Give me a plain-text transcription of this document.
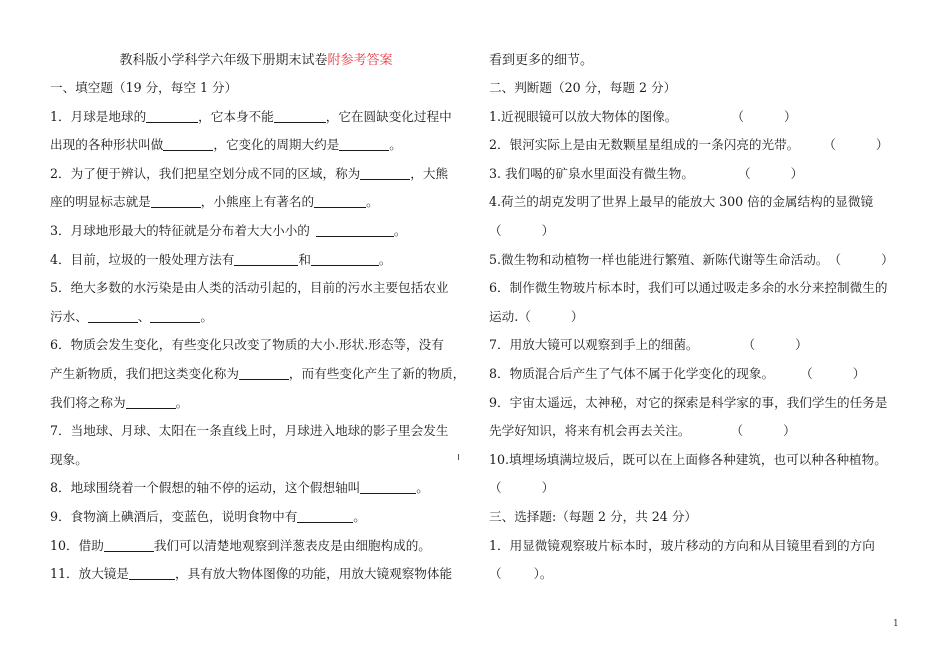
教科版小学科学六年级下册期末试卷附参考答案
一、填空题（19 分，每空 1 分）
1．月球是地球的	，它本身不能	，它在圆缺变化过程中
出现的各种形状叫做	，它变化的周期大约是	。
2．为了便于辨认，我们把星空划分成不同的区域，称为	，大熊
座的明显标志就是	，小熊座上有著名的	。
3．月球地形最大的特征就是分布着大大小小的	。
4．目前，垃圾的一般处理方法有	和	。
5．绝大多数的水污染是由人类的活动引起的，目前的污水主要包括农业
污水、	、	。
6．物质会发生变化，有些变化只改变了物质的大小.形状.形态等，没有
产生新物质，我们把这类变化称为	，而有些变化产生了新的物质，
我们将之称为	。
7．当地球、月球、太阳在一条直线上时，月球进入地球的影子里会发生
现象。
8．地球围绕着一个假想的轴不停的运动，这个假想轴叫	。
9．食物滴上碘酒后，变蓝色，说明食物中有	。
10．借助	我们可以清楚地观察到洋葱表皮是由细胞构成的。
11．放大镜是	，具有放大物体图像的功能，用放大镜观察物体能
看到更多的细节。
二、判断题（20 分，每题 2 分）
1.近视眼镜可以放大物体的图像。	（          ）
2．银河实际上是由无数颗星星组成的一条闪亮的光带。 （          ）
3. 我们喝的矿泉水里面没有微生物。	（          ）
4.荷兰的胡克发明了世界上最早的能放大 300 倍的金属结构的显微镜
（          ）
5.微生物和动植物一样也能进行繁殖、新陈代谢等生命活动。（          ）
6．制作微生物玻片标本时，我们可以通过吸走多余的水分来控制微生的
运动.（          ）
7．用放大镜可以观察到手上的细菌。	（          ）
8．物质混合后产生了气体不属于化学变化的现象。 （          ）
9．宇宙太遥远，太神秘，对它的探索是科学家的事，我们学生的任务是
先学好知识，将来有机会再去关注。	（          ）
10.填埋场填满垃圾后，既可以在上面修各种建筑，也可以种各种植物。
（          ）
三、选择题:（每题 2 分，共 24 分）
1．用显微镜观察玻片标本时，玻片移动的方向和从目镜里看到的方向
（        ）。
1
